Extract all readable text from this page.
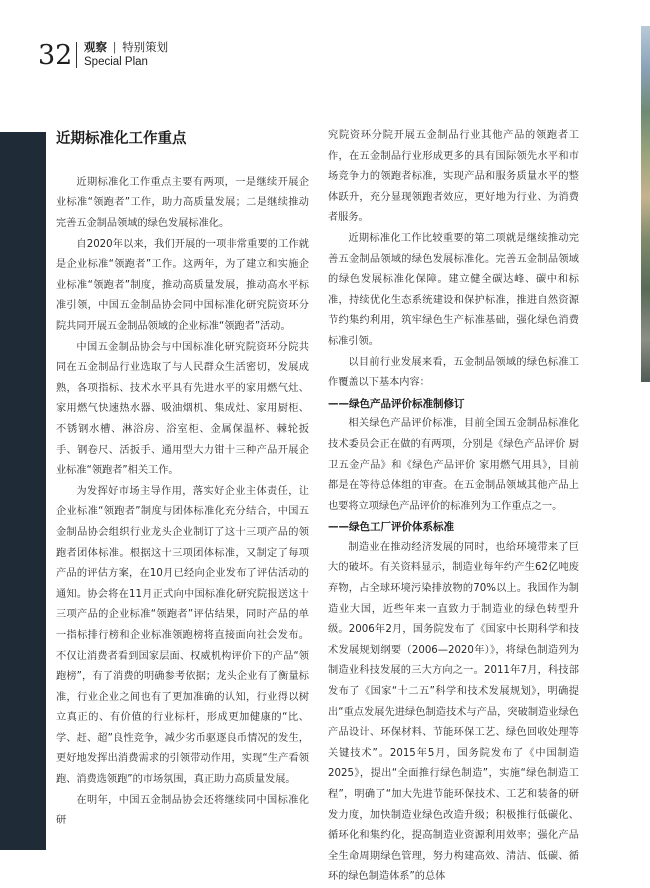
32 观察 | 特别策划
Special Plan
近期标准化工作重点

近期标准化工作重点主要有两项，一是继续开展企业标准“领跑者”工作，助力高质量发展；二是继续推动完善五金制品领域的绿色发展标准化。

自2020年以来，我们开展的一项非常重要的工作就是企业标准“领跑者”工作。这两年，为了建立和实施企业标准“领跑者”制度，推动高质量发展，推动高水平标准引领，中国五金制品协会同中国标准化研究院资环分院共同开展五金制品领域的企业标准“领跑者”活动。

中国五金制品协会与中国标准化研究院资环分院共同在五金制品行业选取了与人民群众生活密切，发展成熟，各项指标、技术水平具有先进水平的家用燃气灶、家用燃气快速热水器、吸油烟机、集成灶、家用厨柜、不锈钢水槽、淋浴房、浴室柜、金属保温杯、棘轮扳手、钢卷尺、活扳手、通用型大力钳十三种产品开展企业标准“领跑者”相关工作。

为发挥好市场主导作用，落实好企业主体责任，让企业标准“领跑者”制度与团体标准化充分结合，中国五金制品协会组织行业龙头企业制订了这十三项产品的领跑者团体标准。根据这十三项团体标准，又制定了每项产品的评估方案，在10月已经向企业发布了评估活动的通知。协会将在11月正式向中国标准化研究院报送这十三项产品的企业标准“领跑者”评估结果，同时产品的单一指标排行榜和企业标准领跑榜将直接面向社会发布。不仅让消费者看到国家层面、权威机构评价下的产品“领跑榜”，有了消费的明确参考依据；龙头企业有了衡量标准，行业企业之间也有了更加准确的认知，行业得以树立真正的、有价值的行业标杆，形成更加健康的“比、学、赶、超”良性竞争，减少劣币驱逐良币情况的发生，更好地发挥出消费需求的引领带动作用，实现“生产看领跑、消费选领跑”的市场氛围，真正助力高质量发展。

在明年，中国五金制品协会还将继续同中国标准化研

究院资环分院开展五金制品行业其他产品的领跑者工作，在五金制品行业形成更多的具有国际领先水平和市场竞争力的领跑者标准，实现产品和服务质量水平的整体跃升，充分显现领跑者效应，更好地为行业、为消费者服务。

近期标准化工作比较重要的第二项就是继续推动完善五金制品领域的绿色发展标准化。完善五金制品领域的绿色发展标准化保障。建立健全碳达峰、碳中和标准，持续优化生态系统建设和保护标准，推进自然资源节约集约利用，筑牢绿色生产标准基础，强化绿色消费标准引领。

以目前行业发展来看，五金制品领域的绿色标准工作覆盖以下基本内容：

——绿色产品评价标准制修订

相关绿色产品评价标准，目前全国五金制品标准化技术委员会正在做的有两项，分别是《绿色产品评价 厨卫五金产品》和《绿色产品评价 家用燃气用具》，目前都是在等待总体组的审查。在五金制品领域其他产品上也要将立项绿色产品评价的标准列为工作重点之一。

——绿色工厂评价体系标准

制造业在推动经济发展的同时，也给环境带来了巨大的破坏。有关资料显示，制造业每年约产生62亿吨废弃物，占全球环境污染排放物的70%以上。我国作为制造业大国，近些年来一直致力于制造业的绿色转型升级。2006年2月，国务院发布了《国家中长期科学和技术发展规划纲要（2006—2020年）》，将绿色制造列为制造业科技发展的三大方向之一。2011年7月，科技部发布了《国家“十二五”科学和技术发展规划》，明确提出“重点发展先进绿色制造技术与产品，突破制造业绿色产品设计、环保材料、节能环保工艺、绿色回收处理等关键技术”。2015年5月，国务院发布了《中国制造2025》，提出“全面推行绿色制造”，实施“绿色制造工程”，明确了“加大先进节能环保技术、工艺和装备的研发力度，加快制造业绿色改造升级；积极推行低碳化、循环化和集约化，提高制造业资源利用效率；强化产品全生命周期绿色管理，努力构建高效、清洁、低碳、循环的绿色制造体系”的总体
